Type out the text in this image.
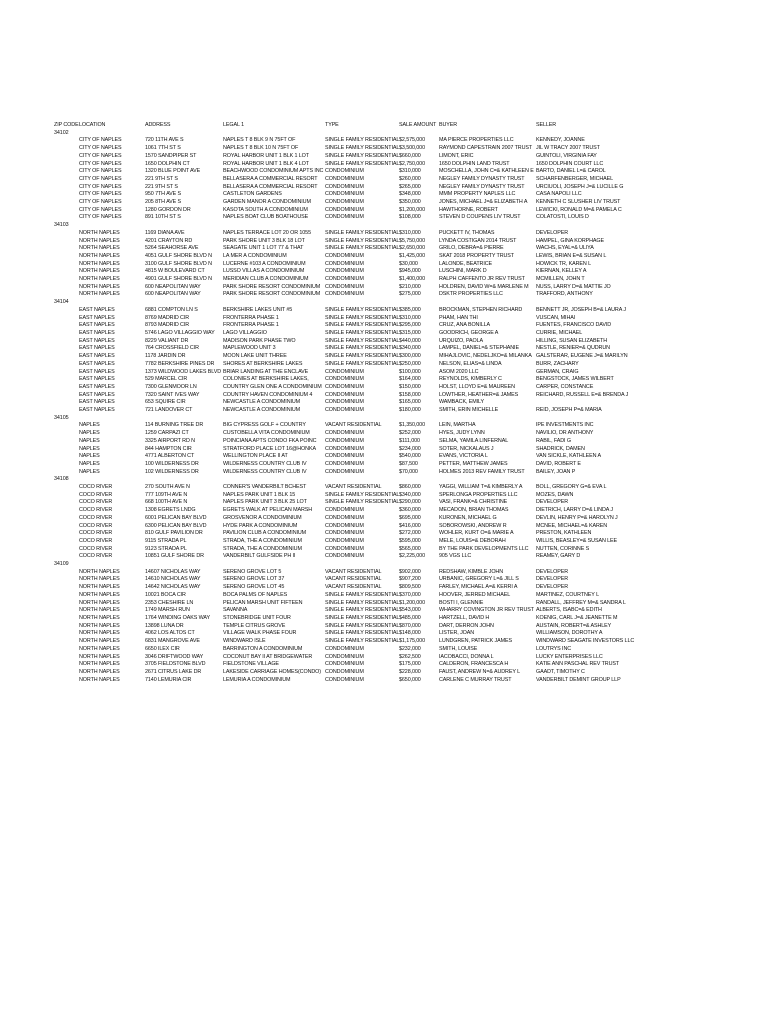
ZIP CODE	LOCATION	ADDRESS	LEGAL 1	TYPE	SALE AMOUNT	BUYER	SELLER
34102							
	CITY OF NAPLES	720 11TH AVE S	NAPLES T 8 BLK 9 N 75FT OF	SINGLE FAMILY RESIDENTIAL	$2,575,000	MA PIERCE PROPERTIES LLC	KENNEDY, JOANNE
	CITY OF NAPLES	1061 7TH ST S	NAPLES T 8 BLK 10 N 75FT OF	SINGLE FAMILY RESIDENTIAL	$3,500,000	RAYMOND CAPESTRAIN 2007 TRUST	JIL W TRACY 2007 TRUST
	CITY OF NAPLES	1570 SANDPIPER ST	ROYAL HARBOR UNIT 1 BLK 1 LOT	SINGLE FAMILY RESIDENTIAL	$660,000	LIMONT, ERIC	GUINTOLI, VIRGINIA FAY
	CITY OF NAPLES	1650 DOLPHIN CT	ROYAL HARBOR UNIT 1 BLK 4 LOT	SINGLE FAMILY RESIDENTIAL	$2,750,000	1650 DOLPHIN LAND TRUST	1650 DOLPHIN COURT LLC
	CITY OF NAPLES	1320 BLUE POINT AVE	BEACHWOOD CONDOMINIUM APTS INC	CONDOMINIUM	$310,000	MOSCHELLA, JOHN C=& KATHLEEN E	BARTO, DANIEL L=& CAROL
	CITY OF NAPLES	221 9TH ST S	BELLASERA A COMMERCIAL RESORT	CONDOMINIUM	$260,000	NEGLEY FAMILY DYNASTY TRUST	SCHARFENBERGER, MICHAEL
	CITY OF NAPLES	221 9TH ST S	BELLASERA A COMMERCIAL RESORT	CONDOMINIUM	$265,000	NEGLEY FAMILY DYNASTY TRUST	URCIUOLI, JOSEPH J=& LUCILLE G
	CITY OF NAPLES	950 7TH AVE S	CASTLETON GARDENS	CONDOMINIUM	$348,000	MMM PROPERTY NAPLES LLC	CASA NAPOLI LLC
	CITY OF NAPLES	205 8TH AVE S	GARDEN MANOR A CONDOMINIUM	CONDOMINIUM	$350,000	JONES, MICHAEL J=& ELIZABETH A	KENNETH C SLUSHER LIV TRUST
	CITY OF NAPLES	1280 GORDON DR	KASOTA SOUTH A CONDOMINIUM	CONDOMINIUM	$1,200,000	HAWTHORNE, ROBERT	LEWICKI, RONALD M=& PAMELA C
	CITY OF NAPLES	891 10TH ST S	NAPLES BOAT CLUB BOATHOUSE	CONDOMINIUM	$108,000	STEVEN D COUPENS LIV TRUST	COLATOSTI, LOUIS D
34103							
	NORTH NAPLES	1169 DIANA AVE	NAPLES TERRACE LOT 20 OR 1055	SINGLE FAMILY RESIDENTIAL	$310,000	PUCKETT IV, THOMAS	DEVELOPER
	NORTH NAPLES	4201 CRAYTON RD	PARK SHORE UNIT 3 BLK 18 LOT	SINGLE FAMILY RESIDENTIAL	$5,750,000	LYNDA COSTIGAN 2014 TRUST	HAMPEL, GINA KORPHAGE
	NORTH NAPLES	5264 SEAHORSE AVE	SEAGATE UNIT 1 LOT 77 & THAT	SINGLE FAMILY RESIDENTIAL	$2,650,000	GRILO, DEBRA=& PIERRE	WACHS, EYAL=& ULIYA
	NORTH NAPLES	4051 GULF SHORE BLVD N	LA MER A CONDOMINIUM	CONDOMINIUM	$1,425,000	SKAT 2018 PROPERTY TRUST	LEWIS, BRIAN E=& SUSAN L
	NORTH NAPLES	3100 GULF SHORE BLVD N	LUCERNE #103 A CONDOMINIUM	CONDOMINIUM	$30,000	LALONDE, BEATRICE	HOWICK TR, KAREN L
	NORTH NAPLES	4815 W BOULEVARD CT	LUSSO VILLAS A CONDOMINIUM	CONDOMINIUM	$945,000	LUSCHINI, MARK D	KIERNAN, KELLEY A
	NORTH NAPLES	4901 GULF SHORE BLVD N	MERIDIAN CLUB A CONDOMINIUM	CONDOMINIUM	$1,400,000	RALPH CAFFENTO JR REV TRUST	MCMILLEN, JOHN T
	NORTH NAPLES	600 NEAPOLITAN WAY	PARK SHORE RESORT CONDOMINIUM	CONDOMINIUM	$210,000	HOLDREN, DAVID W=& MARLENE M	NUSS, LARRY D=& MATTIE JO
	NORTH NAPLES	600 NEAPOLITAN WAY	PARK SHORE RESORT CONDOMINIUM	CONDOMINIUM	$275,000	DSKTR PROPERTIES LLC	TRAFFORD, ANTHONY
34104							
	EAST NAPLES	6881 COMPTON LN S	BERKSHIRE LAKES UNIT #5	SINGLE FAMILY RESIDENTIAL	$385,000	BROCKMAN, STEPHEN RICHARD	BENNETT JR, JOSEPH B=& LAURA J
	EAST NAPLES	8769 MADRID CIR	FRONTERRA PHASE 1	SINGLE FAMILY RESIDENTIAL	$310,000	PHAM, HAN THI	VUSCAN, MIHAI
	EAST NAPLES	8793 MADRID CIR	FRONTERRA PHASE 1	SINGLE FAMILY RESIDENTIAL	$295,000	CRUZ, ANA BONILLA	FUENTES, FRANCISCO DAVID
	EAST NAPLES	5746 LAGO VILLAGGIO WAY	LAGO VILLAGGIO	SINGLE FAMILY RESIDENTIAL	$315,000	GOODRICH, GEORGE A	CURRIE, MICHAEL
	EAST NAPLES	8229 VALIANT DR	MADISON PARK PHASE TWO	SINGLE FAMILY RESIDENTIAL	$440,000	URQUIZO, PAOLA	HILLING, SUSAN ELIZABETH
	EAST NAPLES	764 CROSSFIELD CIR	MAPLEWOOD UNIT 3	SINGLE FAMILY RESIDENTIAL	$340,000	LAMPEL, DANIEL=& STEPHANIE	NESTLE, RENIER=& QUDRUN
	EAST NAPLES	1178 JARDIN DR	MOON LAKE UNIT THREE	SINGLE FAMILY RESIDENTIAL	$300,000	MIHAJLOVIC, NEDELJKO=& MILANKA	GALSTERAR, EUGENE J=& MARILYN
	EAST NAPLES	7782 BERKSHIRE PINES DR	SHORES AT BERKSHIRE LAKES	SINGLE FAMILY RESIDENTIAL	$250,000	NELSON, ELIAS=& LINDA	BURR, ZACHARY
	EAST NAPLES	1373 WILDWOOD LAKES BLVD	BRIAR LANDING AT THE ENCLAVE	CONDOMINIUM	$100,000	ASOM 2020 LLC	GERMAN, CRAIG
	EAST NAPLES	529 MARCEL CIR	COLONIES AT BERKSHIRE LAKES,	CONDOMINIUM	$164,000	REYNOLDS, KIMBERLY C	BENGSTOCK, JAMES WILBERT
	EAST NAPLES	7300 GLENMOOR LN	COUNTRY GLEN ONE A CONDOMINIUM	CONDOMINIUM	$150,000	HOLST, LLOYD E=& MAUREEN	CARPER, CONSTANCE
	EAST NAPLES	7320 SAINT IVES WAY	COUNTRY HAVEN CONDOMINIUM 4	CONDOMINIUM	$158,000	LOWTHER, HEATHER=& JAMES	REICHARD, RUSSELL E=& BRENDA J
	EAST NAPLES	653 SQUIRE CIR	NEWCASTLE A CONDOMINIUM	CONDOMINIUM	$165,000	WAMBACK, EMILY	
	EAST NAPLES	721 LANDOVER CT	NEWCASTLE A CONDOMINIUM	CONDOMINIUM	$180,000	SMITH, ERIN MICHELLE	REID, JOSEPH P=& MARIA
34105							
	NAPLES	114 BURNING TREE DR	BIG CYPRESS GOLF + COUNTRY	VACANT RESIDENTIAL	$1,350,000	LEIN, MARTHA	IPE INVESTMENTS INC
	NAPLES	1259 CARPAZI CT	CUSTOBELLA VITA CONDOMINIUM	CONDOMINIUM	$252,000	HYES, JUDY LYNN	NAVILIO, DR ANTHONY
	NAPLES	3325 AIRPORT RD N	POINCIANA APTS CONDO FKA POINC	CONDOMINIUM	$111,000	SELMA, YAMILA LINFERNAL	RABIL, FADI G
	NAPLES	844 HAMPTON CIR	STRATFORD PLACE LOT 16@HONKA	CONDOMINIUM	$234,000	SOTER, NICKALAUS J	SHADRICK, DAMEN
	NAPLES	4771 ALBERTON CT	WELLINGTON PLACE II AT	CONDOMINIUM	$540,000	EVANS, VICTORIA L	VAN SICKLE, KATHLEEN A
	NAPLES	100 WILDERNESS DR	WILDERNESS COUNTRY CLUB IV	CONDOMINIUM	$87,500	PETTER, MATTHEW JAMES	DAVID, ROBERT E
	NAPLES	102 WILDERNESS DR	WILDERNESS COUNTRY CLUB IV	CONDOMINIUM	$70,000	HOLMES 2013 REV FAMILY TRUST	BAILEY, JOAN P
34108							
	COCO RIVER	270 SOUTH AVE N	CONNER'S VANDERBILT BCHEST	VACANT RESIDENTIAL	$860,000	YAGGI, WILLIAM T=& KIMBERLY A	BOLL, GREGORY G=& EVA L
	COCO RIVER	777 109TH AVE N	NAPLES PARK UNIT 1 BLK 15	SINGLE FAMILY RESIDENTIAL	$340,000	SPERLONGA PROPERTIES LLC	MOZES, DAWN
	COCO RIVER	668 100TH AVE N	NAPLES PARK UNIT 3 BLK 25 LOT	SINGLE FAMILY RESIDENTIAL	$290,000	VASI, FRANK=& CHRISTINE	DEVELOPER
	COCO RIVER	1308 EGRETS LNDG	EGRETS WALK AT PELICAN MARSH	CONDOMINIUM	$360,000	MECADON, BRIAN THOMAS	DIETRICH, LARRY D=& LINDA J
	COCO RIVER	6001 PELICAN BAY BLVD	GROSVENOR A CONDOMINIUM	CONDOMINIUM	$695,000	KURONEN, MICHAEL G	DEVLIN, HENRY P=& HAROLYN J
	COCO RIVER	6300 PELICAN BAY BLVD	HYDE PARK A CONDOMINIUM	CONDOMINIUM	$416,000	SOBOROWSKI, ANDREW R	MCNEE, MICHAEL=& KAREN
	COCO RIVER	810 GULF PAVILION DR	PAVILION CLUB A CONDOMINIUM	CONDOMINIUM	$272,000	WOHLER, KURT O=& MARIE A	PRESTON, KATHLEEN
	COCO RIVER	9115 STRADA PL	STRADA, THE A CONDOMINIUM	CONDOMINIUM	$595,000	MELE, LOUIS=& DEBORAH	WILLIS, BEASLEY=& SUSAN LEE
	COCO RIVER	9123 STRADA PL	STRADA, THE A CONDOMINIUM	CONDOMINIUM	$565,000	BY THE PARK DEVELOPMENTS LLC	NUTTEN, CORINNE S
	COCO RIVER	10851 GULF SHORE DR	VANDERBILT GULFSIDE PH II	CONDOMINIUM	$2,225,000	905 VGS LLC	REAMEY, GARY D
34109							
	NORTH NAPLES	14607 NICHOLAS WAY	SERENO GROVE LOT 5	VACANT RESIDENTIAL	$902,000	REDSHAW, KIMBLE JOHN	DEVELOPER
	NORTH NAPLES	14610 NICHOLAS WAY	SERENO GROVE LOT 37	VACANT RESIDENTIAL	$907,200	URBANIC, GREGORY L=& JILL S	DEVELOPER
	NORTH NAPLES	14642 NICHOLAS WAY	SERENO GROVE LOT 45	VACANT RESIDENTIAL	$809,500	FARLEY, MICHAEL A=& KERRI A	DEVELOPER
	NORTH NAPLES	10021 BOCA CIR	BOCA PALMS OF NAPLES	SINGLE FAMILY RESIDENTIAL	$370,000	HOOVER, JERRED MICHAEL	MARTINEZ, COURTNEY L
	NORTH NAPLES	2353 CHESHIRE LN	PELICAN MARSH UNIT FIFTEEN	SINGLE FAMILY RESIDENTIAL	$1,200,000	BOSTI I, GLENNIE	RANDALL, JEFFREY M=& SANDRA L
	NORTH NAPLES	1749 MARSH RUN	SAVANNA	SINGLE FAMILY RESIDENTIAL	$543,000	WHARRY COVINGTON JR REV TRUST	ALBERTS, ISABC=& EDITH
	NORTH NAPLES	1764 WINDING OAKS WAY	STONEBRIDGE UNIT FOUR	SINGLE FAMILY RESIDENTIAL	$485,000	HARTZELL, DAVID H	KOENIG, CARL J=& JEANETTE M
	NORTH NAPLES	13898 LUNA DR	TEMPLE CITRUS GROVE	SINGLE FAMILY RESIDENTIAL	$870,000	DART, DERRON JOHN	AUSTAIN, ROBERT=& ASHLEY
	NORTH NAPLES	4062 LOS ALTOS CT	VILLAGE WALK PHASE FOUR	SINGLE FAMILY RESIDENTIAL	$148,000	LISTER, JOAN	WILLIAMSON, DOROTHY A
	NORTH NAPLES	6831 MANGROVE AVE	WINDWARD ISLE	SINGLE FAMILY RESIDENTIAL	$1,175,000	LUNDGREN, PATRICK JAMES	WINDWARD SEAGATE INVESTORS LLC
	NORTH NAPLES	6650 ILEX CIR	BARRINGTON A CONDOMINIUM	CONDOMINIUM	$232,000	SMITH, LOUISE	LOUTRYS INC
	NORTH NAPLES	3046 DRIFTWOOD WAY	COCONUT BAY II AT BRIDGEWATER	CONDOMINIUM	$262,500	IACOBACCI, DONNA L	LUCKY ENTERPRISES LLC
	NORTH NAPLES	3705 FIELDSTONE BLVD	FIELDSTONE VILLAGE	CONDOMINIUM	$175,000	CALDERON, FRANCESCA H	KATIE ANN PASCHAL REV TRUST
	NORTH NAPLES	2671 CITRUS LAKE DR	LAKESIDE CARRIAGE HOMES(CONDO)	CONDOMINIUM	$228,000	FAUST, ANDREW N=& AUDREY L	GAADT, TIMOTHY C
	NORTH NAPLES	7140 LEMURIA CIR	LEMURIA A CONDOMINIUM	CONDOMINIUM	$650,000	CARLENE C MURRAY TRUST	VANDERBILT DEMINT GROUP LLP
